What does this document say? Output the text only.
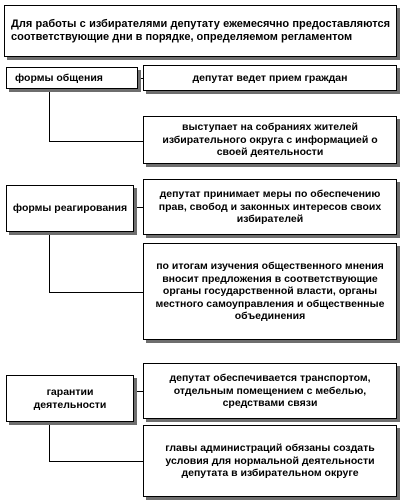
Для работы с избирателями депутату ежемесячно предоставляются соответствующие дни в порядке, определяемом регламентом
формы общения	депутат ведет прием граждан
выступает на собраниях жителей избирательного округа с информацией о своей деятельности
формы реагирования
депутат принимает меры по обеспечению прав, свобод и законных интересов своих избирателей
по итогам изучения общественного мнения вносит предложения в соответствующие органы государственной власти, органы местного самоуправления и общественные объединения
гарантии деятельности
депутат обеспечивается транспортом, отдельным помещением с мебелью, средствами связи
главы администраций обязаны создать условия для нормальной деятельности депутата в избирательном округе
